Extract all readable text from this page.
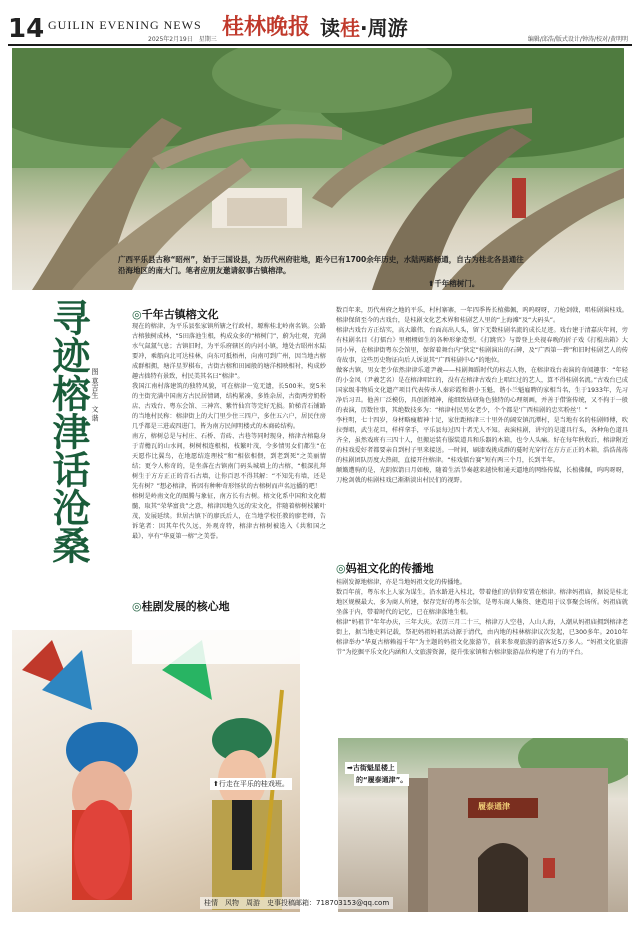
14 GUILIN EVENING NEWS
2025年2月19日　星期三 桂林晚报 读桂·周游	编辑/邱浩/版式设计/钟涛/校对/黄明明
广西平乐县古称“昭州”，始于三国设县，为历代州府驻地，距今已有1700余年历史，水陆两路畅通，自古为桂北各县通往沿海地区的南大门。笔者应朋友邀请叙事古镇榕津。
⬆千年榕树门。
寻迹榕津话沧桑 图 莫吉生　文 谐
◎千年古镇榕文化
现在的榕津，为平乐县张家镇所辖之行政村，塬称桂北岭南名镇。公路古榕独树成林，“5田落池生根，构成众多的“榕树门”，蔚为壮观，充满水气氤氲气息；古镇旧时，为平乐府辖区的内河小镇，地处古昭州水陆要冲，乘船向北可达桂林，向东可抵梧州，向南可到广州，因当地古榕成群相拥，塘洋星罗棋布，古街古榕和田园般的塘洋相映相衬，构成妙趣古拙特有景致，村民美其名曰“榕津”。
我国江南村落建筑的独特风貌，可在榕津一览无遗，长500米，宽5米的主街充满中国南方古民居情调，结构紧凑，多姓杂居，古街两旁奶粉店、古戏台、粤东会馆、三神宫、紫竹仙宫等完好无损。阶梯青石铺路的当地村民称：榕津街上的大门里少住三四户，多住五六户，居民住房几乎都是三进或四进门，皆为南方民间明楼式的木商砖结构。
南方，榕树总是与村庄、石桥、青砖、古巷等同时现身，榕津古榕隐身于青檐瓦的山水间，树树相连根相，枝繁叶茂，令多情男女们都生“在天愿作比翼鸟，在地愿结连理枝”和“相依相偎，到老到死”之美丽情结；更令人称奇的，是坐落在古镇南门码头城墙上的古榕，“根深扎拜树生于方方正正的青石古墙，让你百思不得其解：“不知先有墙，还是先有树？”想必榕津，皆因有种种奇形怪状的古榕树而声名远播的吧！
榕树是岭南文化的图腾与象征，南方长有古树。榕文化系中国和文化精髓，取其“荣华富贵”之意，榕津因地久远的宋文化，伴随着榕树枝繁叶茂，发展延续。世居古镇下的廖氏后人，在当地学校任教的廖老师，告诉笔者：因其年代久远，外观奇特，榕津古榕树被选入《共和国之最》，享有“华夏第一榕”之美誉。
◎桂剧发展的核心地
数百年来，历代州府之地的平乐，村村寨寨，一年四季皆长植佛佩，呜呜呀呀，刀枪剑戟，唱桂剧演桂戏。榕津保留至今的古戏台，是桂剧文化艺术界和桂剧艺人里的“上海滩”及“大码头”。
榕津古戏台方正结实，高大雄伟，台面高出人头，留下无数桂剧名流的成长足迹。戏台建于清嘉庆年间，旁有桂剧名目《打擂台》里栩栩如生的各种形象造型。《打跳官》与曾登上央视春晚的折子戏《打棍出箱》大同小异，在榕津街粤东会馆里，保留着舞台内“狄定”桂剧演出的石碑，及“广西第一碧”和旧时桂剧艺人的传奇故事，这些历史物证向后人诉说其“广西桂剧中心”的地位。
做客古镇，男女老少依然津津乐道尹羲——桂剧舞蹈时代的标志人物，在榕津戏台表演的奇闻趣事：“年轻的小金凤（尹羲艺名）是在榕津唱红的，没有在榕津古戏台上唱红过的艺人，算不得桂剧名流。”古戏台已成国家级非物质文化遗产项目代表传承人秦彩霞和谐小玉魁，谐小兰魁雇聘的家相当名，生于1933年，先习净后习丑。他善厂泛模仿，具创新精神，能细致钻研角色独特的心理刻画，并善于借鉴传统，又不拘于一般的表演，历数往事，其绝数技多为：“榕津村民男女老少，个个都是‘广西桂剧的忠实粉丝’！”
李柱明，七十四岁，身材略瘦精神十足，家住距榕津三十里外的阔安镇沉潭村，是当地有名的桂剧师傅，吹拉弹唱，武生花旦，样样拿手，平乐县每过四十者无人不知。表演桂剧，讲究的是道具行头，各种角色道具齐全，虽然戏班有三四十人，但搬运装有服装道具和乐器的木箱，也令人头痛。好在每年秋收后，榕津附近的桂戏爱好者都要亲自到村子里来接送。一时间，刷漆戏挑成群的蔓时光穿行在方方正正的木箱，浩浩荡荡的桂剧团队历度大热闹，直接开往榕津。“桂戏擂台赛”短有两三个月，长到半年。
颠簸遭驹的是，光阴似箭日月如梭，随着生活节奏越来越快和通天逼地的网络传媒，长植佛佩，呜呜呀呀，刀枪剑戟的桂剧桂戏已渐渐淡出村民们的视野。
⬆行走在平乐的桂戏班。
◎妈祖文化的传播地
桂剧发源地榕津，亦是当地妈祖文化的传播地。
数百年前，粤东水上人家为谋生，沿水路进入桂北，带着他们的信仰安置在榕津。榕津妈祖庙，据说是桂北地区规模最大、多为商人所建，保存完好的粤东会馆，是粤东商人集资、建造用于议事聚会场所。妈祖庙就坐落于内，带着时代的记忆，已在榕津落地生根。
榕津“妈祖节”年年办庆，三年大庆。农历三月二十三，榕津万人空巷，人山人海，人潮从妈祖庙拥到榕津老街上，据当地史料记载，祭祀妈祖妈祖活动源于清代，由内地的桂林榕津议次发起，已300多年。2010年榕津举办“华夏古榕赖福千年”为主题的妈祖文化旅游节，前来参观旅游的游客近5万多人。“妈祖文化旅游节”为挖掘平乐文化内涵和人文旅游资源，提升张家镇和古榕津旅游品位构建了有力的平台。
履泰通津
➡古街魁星楼上
的“履泰通津”。
桂情　风物　周游　史事投稿邮箱：718703153@qq.com
